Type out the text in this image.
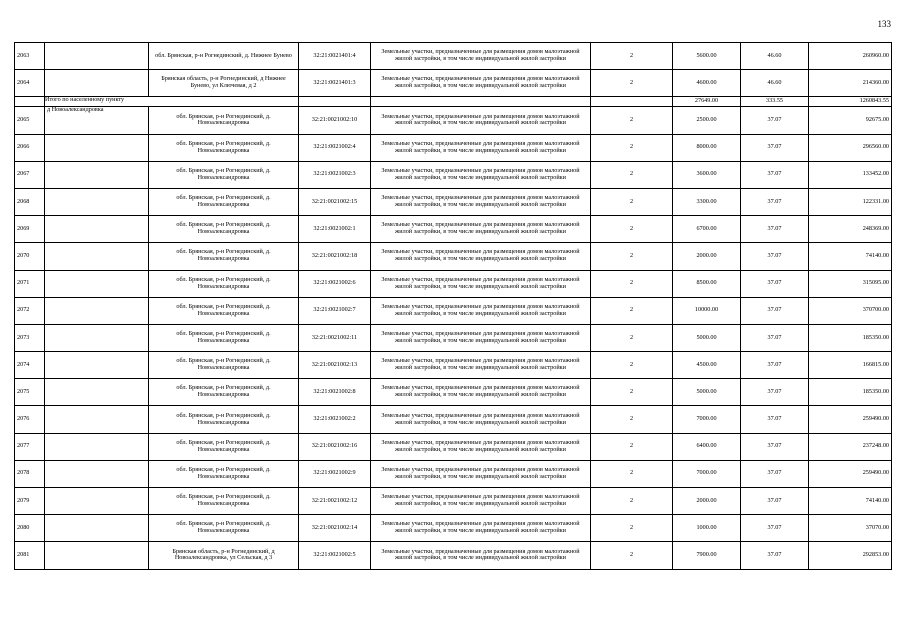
133
2063		обл. Брянская, р-н Рогнединский, д. Нижнее Бунево	32:21:0021401:4	Земельные участки, предназначенные для размещения домов малоэтажной жилой застройки, в том числе индивидуальной жилой застройки	2	5600.00	46.60	260960.00
2064		Брянская область, р-н Рогнединский, д Нижнее Бунево, ул Ключевая, д 2	32:21:0021401:3	Земельные участки, предназначенные для размещения домов малоэтажной жилой застройки, в том числе индивидуальной жилой застройки	2	4600.00	46.60	214360.00
	Итого по населенному пункту					27649.00	333.55	1260843.55
2065	д Новоалександровка	обл. Брянская, р-н Рогнединский, д. Новоалександровка	32:21:0021002:10	Земельные участки, предназначенные для размещения домов малоэтажной жилой застройки, в том числе индивидуальной жилой застройки	2	2500.00	37.07	92675.00
2066		обл. Брянская, р-н Рогнединский, д. Новоалександровка	32:21:0021002:4	Земельные участки, предназначенные для размещения домов малоэтажной жилой застройки, в том числе индивидуальной жилой застройки	2	8000.00	37.07	296560.00
2067		обл. Брянская, р-н Рогнединский, д. Новоалександровка	32:21:0021002:3	Земельные участки, предназначенные для размещения домов малоэтажной жилой застройки, в том числе индивидуальной жилой застройки	2	3600.00	37.07	133452.00
2068		обл. Брянская, р-н Рогнединский, д. Новоалександровка	32:21:0021002:15	Земельные участки, предназначенные для размещения домов малоэтажной жилой застройки, в том числе индивидуальной жилой застройки	2	3300.00	37.07	122331.00
2069		обл. Брянская, р-н Рогнединский, д. Новоалександровка	32:21:0021002:1	Земельные участки, предназначенные для размещения домов малоэтажной жилой застройки, в том числе индивидуальной жилой застройки	2	6700.00	37.07	248369.00
2070		обл. Брянская, р-н Рогнединский, д. Новоалександровка	32:21:0021002:18	Земельные участки, предназначенные для размещения домов малоэтажной жилой застройки, в том числе индивидуальной жилой застройки	2	2000.00	37.07	74140.00
2071		обл. Брянская, р-н Рогнединский, д. Новоалександровка	32:21:0021002:6	Земельные участки, предназначенные для размещения домов малоэтажной жилой застройки, в том числе индивидуальной жилой застройки	2	8500.00	37.07	315095.00
2072		обл. Брянская, р-н Рогнединский, д. Новоалександровка	32:21:0021002:7	Земельные участки, предназначенные для размещения домов малоэтажной жилой застройки, в том числе индивидуальной жилой застройки	2	10000.00	37.07	370700.00
2073		обл. Брянская, р-н Рогнединский, д. Новоалександровка	32:21:0021002:11	Земельные участки, предназначенные для размещения домов малоэтажной жилой застройки, в том числе индивидуальной жилой застройки	2	5000.00	37.07	185350.00
2074		обл. Брянская, р-н Рогнединский, д. Новоалександровка	32:21:0021002:13	Земельные участки, предназначенные для размещения домов малоэтажной жилой застройки, в том числе индивидуальной жилой застройки	2	4500.00	37.07	166815.00
2075		обл. Брянская, р-н Рогнединский, д. Новоалександровка	32:21:0021002:8	Земельные участки, предназначенные для размещения домов малоэтажной жилой застройки, в том числе индивидуальной жилой застройки	2	5000.00	37.07	185350.00
2076		обл. Брянская, р-н Рогнединский, д. Новоалександровка	32:21:0021002:2	Земельные участки, предназначенные для размещения домов малоэтажной жилой застройки, в том числе индивидуальной жилой застройки	2	7000.00	37.07	259490.00
2077		обл. Брянская, р-н Рогнединский, д. Новоалександровка	32:21:0021002:16	Земельные участки, предназначенные для размещения домов малоэтажной жилой застройки, в том числе индивидуальной жилой застройки	2	6400.00	37.07	237248.00
2078		обл. Брянская, р-н Рогнединский, д. Новоалександровка	32:21:0021002:9	Земельные участки, предназначенные для размещения домов малоэтажной жилой застройки, в том числе индивидуальной жилой застройки	2	7000.00	37.07	259490.00
2079		обл. Брянская, р-н Рогнединский, д. Новоалександровка	32:21:0021002:12	Земельные участки, предназначенные для размещения домов малоэтажной жилой застройки, в том числе индивидуальной жилой застройки	2	2000.00	37.07	74140.00
2080		обл. Брянская, р-н Рогнединский, д. Новоалександровка	32:21:0021002:14	Земельные участки, предназначенные для размещения домов малоэтажной жилой застройки, в том числе индивидуальной жилой застройки	2	1000.00	37.07	37070.00
2081		Брянская область, р-н Рогнединский, д Новоалександровка, ул Сельская, д 3	32:21:0021002:5	Земельные участки, предназначенные для размещения домов малоэтажной жилой застройки, в том числе индивидуальной жилой застройки	2	7900.00	37.07	292853.00
